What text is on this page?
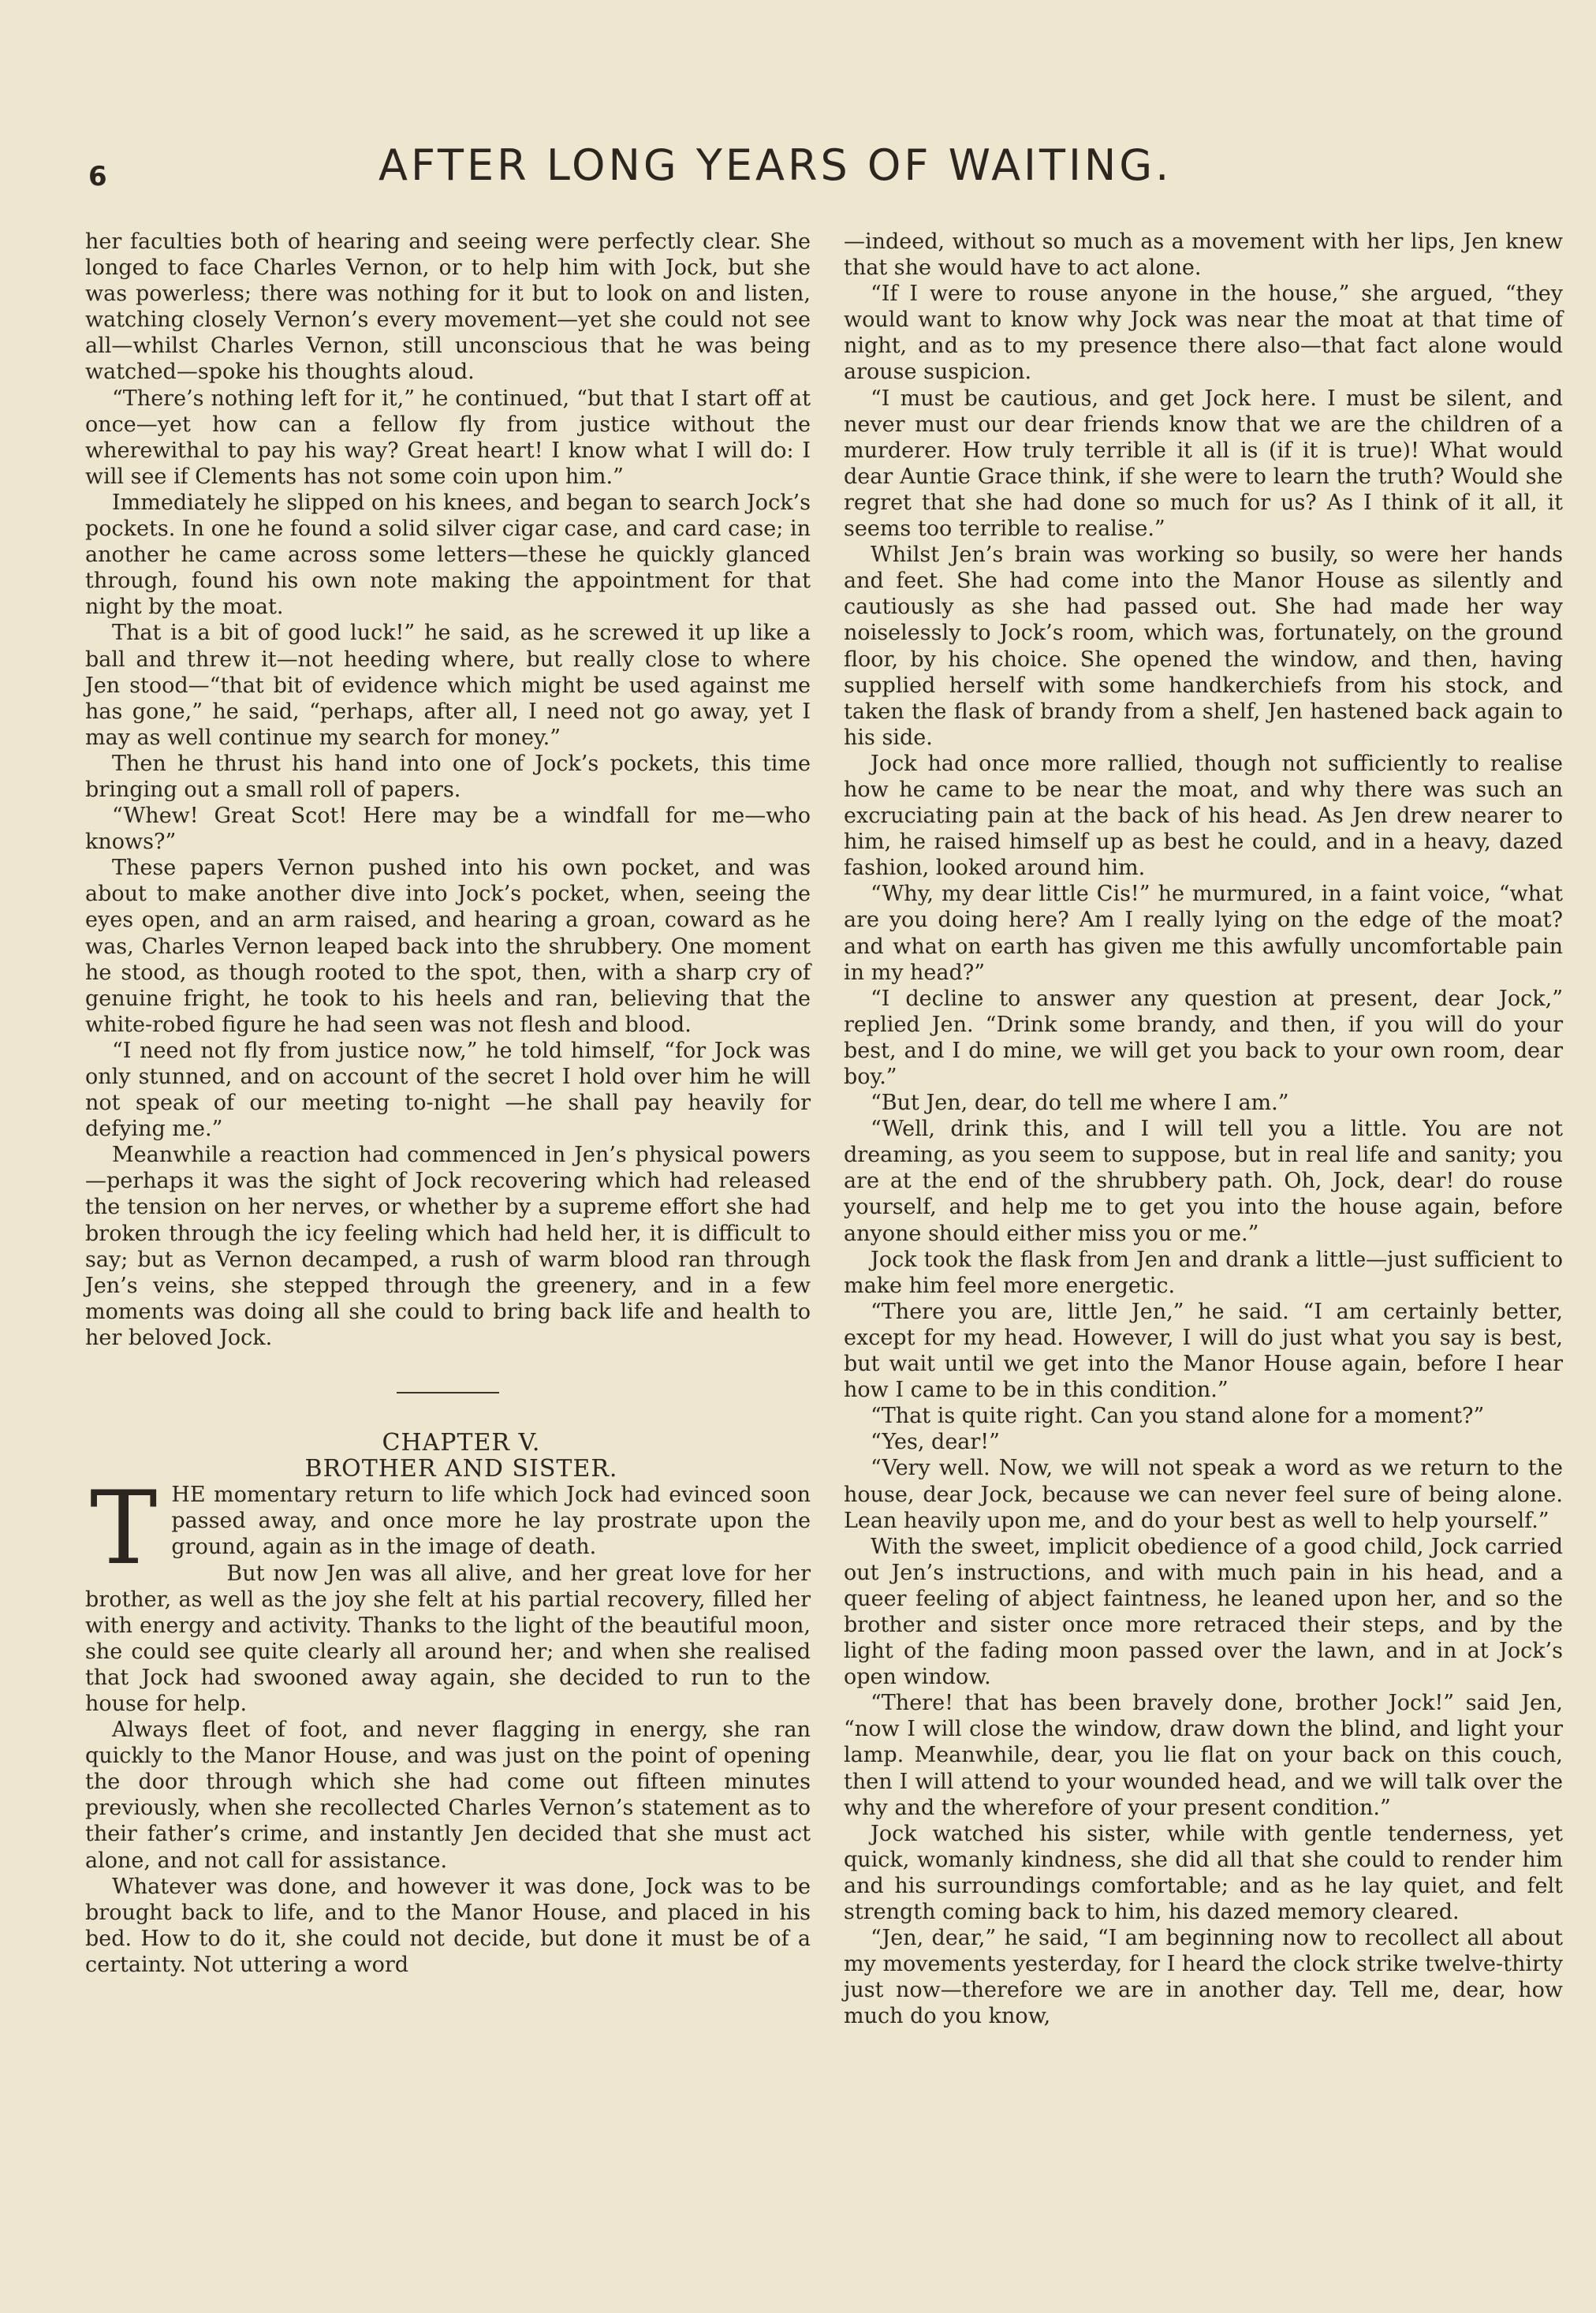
6	AFTER LONG YEARS OF WAITING.

her faculties both of hearing and seeing were perfectly clear. She longed to face Charles Vernon, or to help him with Jock, but she was powerless; there was nothing for it but to look on and listen, watching closely Vernon’s every movement—yet she could not see all—whilst Charles Vernon, still unconscious that he was being watched—spoke his thoughts aloud.

“There’s nothing left for it,” he continued, “but that I start off at once—yet how can a fellow fly from justice without the wherewithal to pay his way? Great heart! I know what I will do: I will see if Clements has not some coin upon him.”

Immediately he slipped on his knees, and began to search Jock’s pockets. In one he found a solid silver cigar case, and card case; in another he came across some letters—these he quickly glanced through, found his own note making the appointment for that night by the moat.

That is a bit of good luck!” he said, as he screwed it up like a ball and threw it—not heeding where, but really close to where Jen stood—“that bit of evidence which might be used against me has gone,” he said, “perhaps, after all, I need not go away, yet I may as well continue my search for money.”

Then he thrust his hand into one of Jock’s pockets, this time bringing out a small roll of papers.

“Whew! Great Scot! Here may be a windfall for me—who knows?”

These papers Vernon pushed into his own pocket, and was about to make another dive into Jock’s pocket, when, seeing the eyes open, and an arm raised, and hearing a groan, coward as he was, Charles Vernon leaped back into the shrubbery. One moment he stood, as though rooted to the spot, then, with a sharp cry of genuine fright, he took to his heels and ran, believing that the white-robed figure he had seen was not flesh and blood.

“I need not fly from justice now,” he told himself, “for Jock was only stunned, and on account of the secret I hold over him he will not speak of our meeting to-night —he shall pay heavily for defying me.”

Meanwhile a reaction had commenced in Jen’s physical powers—perhaps it was the sight of Jock recovering which had released the tension on her nerves, or whether by a supreme effort she had broken through the icy feeling which had held her, it is difficult to say; but as Vernon decamped, a rush of warm blood ran through Jen’s veins, she stepped through the greenery, and in a few moments was doing all she could to bring back life and health to her beloved Jock.

CHAPTER V.

BROTHER AND SISTER.

THE momentary return to life which Jock had evinced soon passed away, and once more he lay prostrate upon the ground, again as in the image of death.

But now Jen was all alive, and her great love for her brother, as well as the joy she felt at his partial recovery, filled her with energy and activity. Thanks to the light of the beautiful moon, she could see quite clearly all around her; and when she realised that Jock had swooned away again, she decided to run to the house for help.

Always fleet of foot, and never flagging in energy, she ran quickly to the Manor House, and was just on the point of opening the door through which she had come out fifteen minutes previously, when she recollected Charles Vernon’s statement as to their father’s crime, and instantly Jen decided that she must act alone, and not call for assistance.

Whatever was done, and however it was done, Jock was to be brought back to life, and to the Manor House, and placed in his bed. How to do it, she could not decide, but done it must be of a certainty. Not uttering a word

—indeed, without so much as a movement with her lips, Jen knew that she would have to act alone.

“If I were to rouse anyone in the house,” she argued, “they would want to know why Jock was near the moat at that time of night, and as to my presence there also—that fact alone would arouse suspicion.

“I must be cautious, and get Jock here. I must be silent, and never must our dear friends know that we are the children of a murderer. How truly terrible it all is (if it is true)! What would dear Auntie Grace think, if she were to learn the truth? Would she regret that she had done so much for us? As I think of it all, it seems too terrible to realise.”

Whilst Jen’s brain was working so busily, so were her hands and feet. She had come into the Manor House as silently and cautiously as she had passed out. She had made her way noiselessly to Jock’s room, which was, fortunately, on the ground floor, by his choice. She opened the window, and then, having supplied herself with some handkerchiefs from his stock, and taken the flask of brandy from a shelf, Jen hastened back again to his side.

Jock had once more rallied, though not sufficiently to realise how he came to be near the moat, and why there was such an excruciating pain at the back of his head. As Jen drew nearer to him, he raised himself up as best he could, and in a heavy, dazed fashion, looked around him.

“Why, my dear little Cis!” he murmured, in a faint voice, “what are you doing here? Am I really lying on the edge of the moat? and what on earth has given me this awfully uncomfortable pain in my head?”

“I decline to answer any question at present, dear Jock,” replied Jen. “Drink some brandy, and then, if you will do your best, and I do mine, we will get you back to your own room, dear boy.”

“But Jen, dear, do tell me where I am.”

“Well, drink this, and I will tell you a little. You are not dreaming, as you seem to suppose, but in real life and sanity; you are at the end of the shrubbery path. Oh, Jock, dear! do rouse yourself, and help me to get you into the house again, before anyone should either miss you or me.”

Jock took the flask from Jen and drank a little—just sufficient to make him feel more energetic.

“There you are, little Jen,” he said. “I am certainly better, except for my head. However, I will do just what you say is best, but wait until we get into the Manor House again, before I hear how I came to be in this condition.”

“That is quite right. Can you stand alone for a moment?”

“Yes, dear!”

“Very well. Now, we will not speak a word as we return to the house, dear Jock, because we can never feel sure of being alone. Lean heavily upon me, and do your best as well to help yourself.”

With the sweet, implicit obedience of a good child, Jock carried out Jen’s instructions, and with much pain in his head, and a queer feeling of abject faintness, he leaned upon her, and so the brother and sister once more retraced their steps, and by the light of the fading moon passed over the lawn, and in at Jock’s open window.

“There! that has been bravely done, brother Jock!” said Jen, “now I will close the window, draw down the blind, and light your lamp. Meanwhile, dear, you lie flat on your back on this couch, then I will attend to your wounded head, and we will talk over the why and the wherefore of your present condition.”

Jock watched his sister, while with gentle tenderness, yet quick, womanly kindness, she did all that she could to render him and his surroundings comfortable; and as he lay quiet, and felt strength coming back to him, his dazed memory cleared.

“Jen, dear,” he said, “I am beginning now to recollect all about my movements yesterday, for I heard the clock strike twelve-thirty just now—therefore we are in another day. Tell me, dear, how much do you know,
